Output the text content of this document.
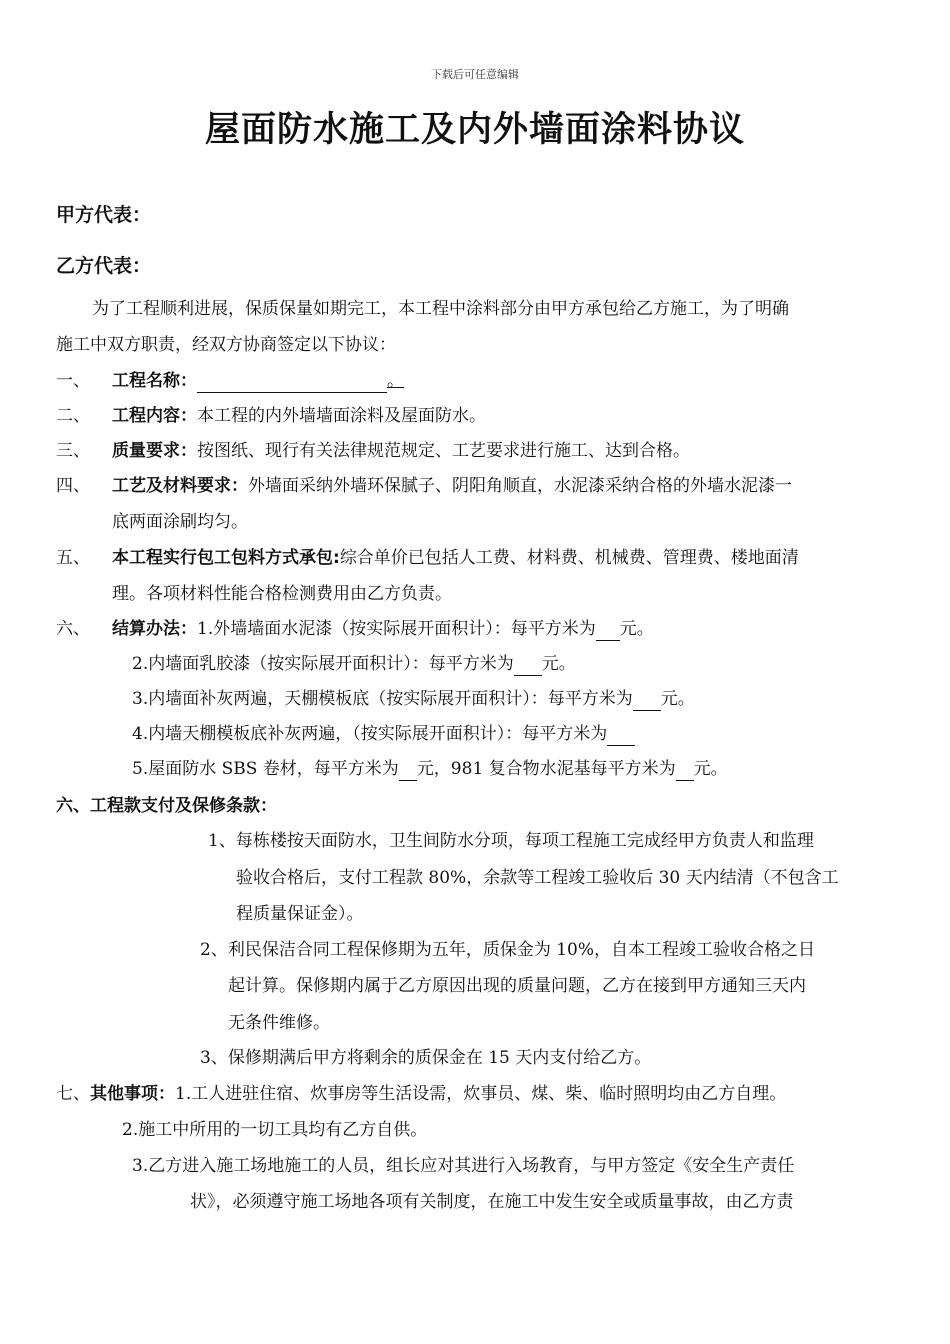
下载后可任意编辑
屋面防水施工及内外墙面涂料协议
甲方代表：
乙方代表：
为了工程顺利进展，保质保量如期完工，本工程中涂料部分由甲方承包给乙方施工，为了明确
施工中双方职责，经双方协商签定以下协议：
一、 工程名称：	。
二、 工程内容：本工程的内外墙墙面涂料及屋面防水。
三、 质量要求：按图纸、现行有关法律规范规定、工艺要求进行施工、达到合格。
四、 工艺及材料要求：外墙面采纳外墙环保腻子、阴阳角顺直，水泥漆采纳合格的外墙水泥漆一
底两面涂刷均匀。
五、 本工程实行包工包料方式承包:综合单价已包括人工费、材料费、机械费、管理费、楼地面清
理。各项材料性能合格检测费用由乙方负责。
六、 结算办法：1.外墙墙面水泥漆（按实际展开面积计）：每平方米为 元。
2.内墙面乳胶漆（按实际展开面积计）：每平方米为 元。
3.内墙面补灰两遍，天棚模板底（按实际展开面积计）：每平方米为 元。
4.内墙天棚模板底补灰两遍，（按实际展开面积计）：每平方米为
5.屋面防水 SBS 卷材，每平方米为 元，981 复合物水泥基每平方米为 元。
六、工程款支付及保修条款：
1、每栋楼按天面防水，卫生间防水分项，每项工程施工完成经甲方负责人和监理
验收合格后，支付工程款 80%，余款等工程竣工验收后 30 天内结清（不包含工
程质量保证金）。
2、利民保洁合同工程保修期为五年，质保金为 10%，自本工程竣工验收合格之日
起计算。保修期内属于乙方原因出现的质量问题，乙方在接到甲方通知三天内
无条件维修。
3、保修期满后甲方将剩余的质保金在 15 天内支付给乙方。
七、其他事项：1.工人进驻住宿、炊事房等生活设需，炊事员、煤、柴、临时照明均由乙方自理。
2.施工中所用的一切工具均有乙方自供。
3.乙方进入施工场地施工的人员，组长应对其进行入场教育，与甲方签定《安全生产责任
状》，必须遵守施工场地各项有关制度，在施工中发生安全或质量事故，由乙方责
